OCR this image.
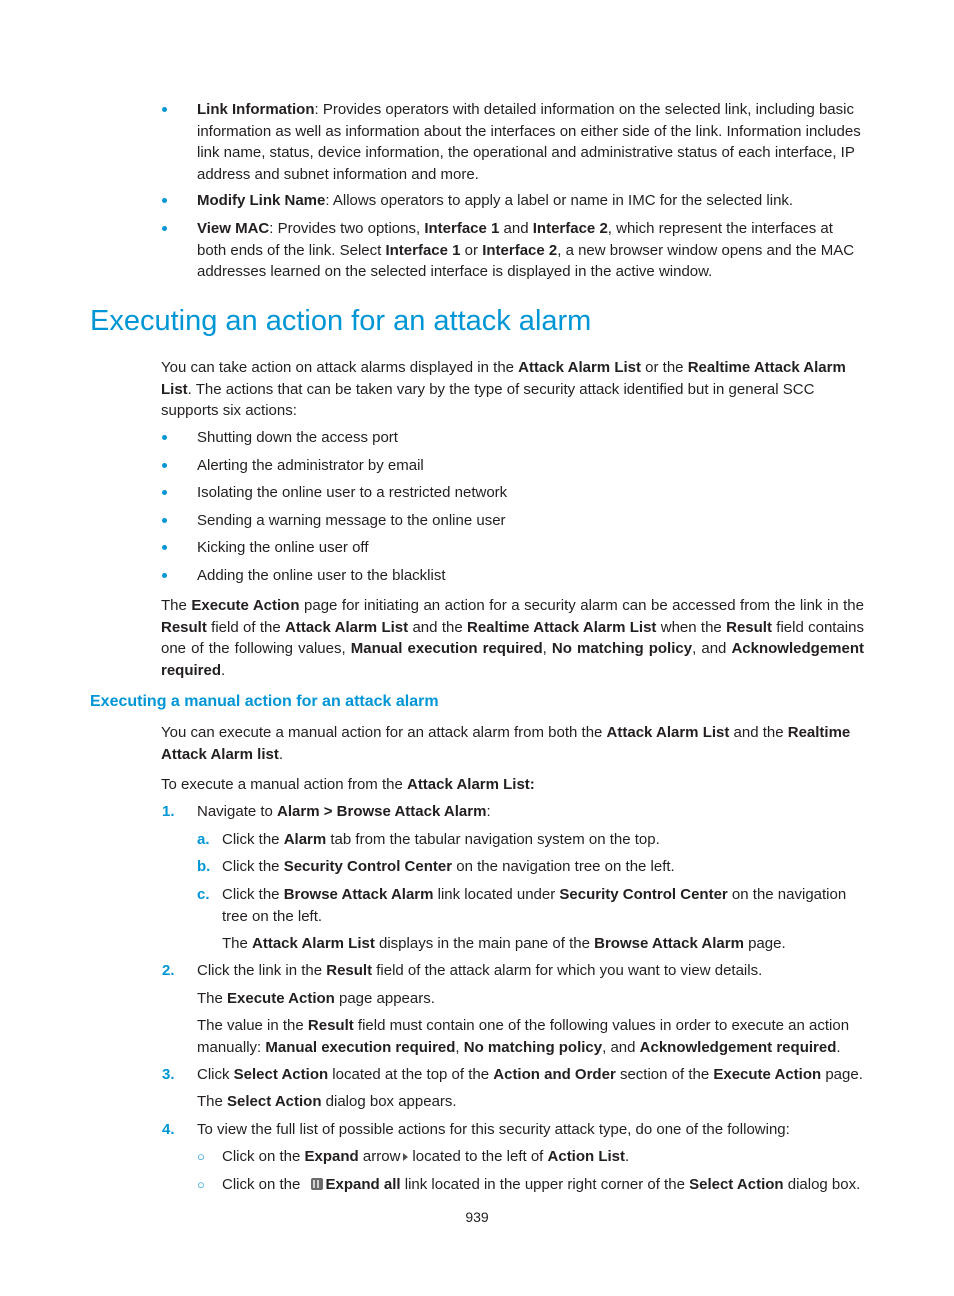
Link Information: Provides operators with detailed information on the selected link, including basic information as well as information about the interfaces on either side of the link. Information includes link name, status, device information, the operational and administrative status of each interface, IP address and subnet information and more.
Modify Link Name: Allows operators to apply a label or name in IMC for the selected link.
View MAC: Provides two options, Interface 1 and Interface 2, which represent the interfaces at both ends of the link. Select Interface 1 or Interface 2, a new browser window opens and the MAC addresses learned on the selected interface is displayed in the active window.
Executing an action for an attack alarm
You can take action on attack alarms displayed in the Attack Alarm List or the Realtime Attack Alarm List. The actions that can be taken vary by the type of security attack identified but in general SCC supports six actions:
Shutting down the access port
Alerting the administrator by email
Isolating the online user to a restricted network
Sending a warning message to the online user
Kicking the online user off
Adding the online user to the blacklist
The Execute Action page for initiating an action for a security alarm can be accessed from the link in the Result field of the Attack Alarm List and the Realtime Attack Alarm List when the Result field contains one of the following values, Manual execution required, No matching policy, and Acknowledgement required.
Executing a manual action for an attack alarm
You can execute a manual action for an attack alarm from both the Attack Alarm List and the Realtime Attack Alarm list.
To execute a manual action from the Attack Alarm List:
1. Navigate to Alarm > Browse Attack Alarm:
a. Click the Alarm tab from the tabular navigation system on the top.
b. Click the Security Control Center on the navigation tree on the left.
c. Click the Browse Attack Alarm link located under Security Control Center on the navigation tree on the left.
The Attack Alarm List displays in the main pane of the Browse Attack Alarm page.
2. Click the link in the Result field of the attack alarm for which you want to view details.
The Execute Action page appears.
The value in the Result field must contain one of the following values in order to execute an action manually: Manual execution required, No matching policy, and Acknowledgement required.
3. Click Select Action located at the top of the Action and Order section of the Execute Action page.
The Select Action dialog box appears.
4. To view the full list of possible actions for this security attack type, do one of the following:
○ Click on the Expand arrow located to the left of Action List.
○ Click on the Expand all link located in the upper right corner of the Select Action dialog box.
939
